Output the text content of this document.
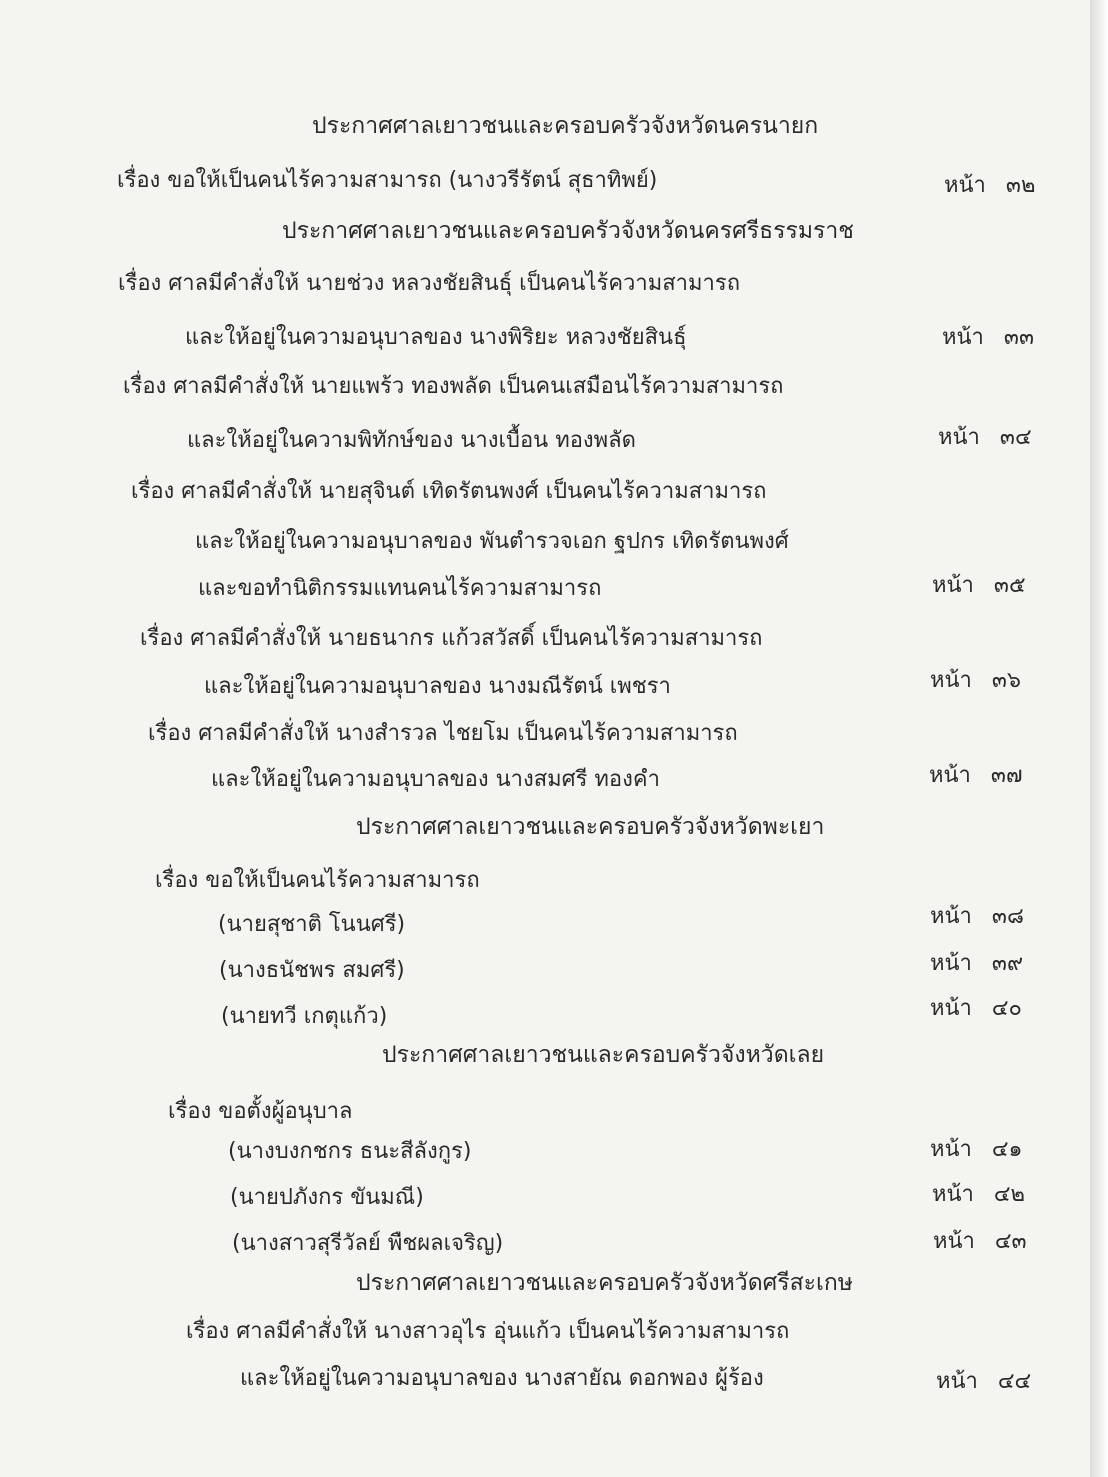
ประกาศศาลเยาวชนและครอบครัวจังหวัดนครนายก
ประกาศศาลเยาวชนและครอบครัวจังหวัดนครศรีธรรมราช
ประกาศศาลเยาวชนและครอบครัวจังหวัดพะเยา
ประกาศศาลเยาวชนและครอบครัวจังหวัดเลย
ประกาศศาลเยาวชนและครอบครัวจังหวัดศรีสะเกษ
เรื่อง ขอให้เป็นคนไร้ความสามารถ (นางวรีรัตน์ สุธาทิพย์)
เรื่อง ศาลมีคำสั่งให้ นายช่วง หลวงชัยสินธุ์ เป็นคนไร้ความสามารถ
และให้อยู่ในความอนุบาลของ นางพิริยะ หลวงชัยสินธุ์
เรื่อง ศาลมีคำสั่งให้ นายแพร้ว ทองพลัด เป็นคนเสมือนไร้ความสามารถ
และให้อยู่ในความพิทักษ์ของ นางเบื้อน ทองพลัด
เรื่อง ศาลมีคำสั่งให้ นายสุจินต์ เทิดรัตนพงศ์ เป็นคนไร้ความสามารถ
และให้อยู่ในความอนุบาลของ พันตำรวจเอก ฐปกร เทิดรัตนพงศ์
และขอทำนิติกรรมแทนคนไร้ความสามารถ
เรื่อง ศาลมีคำสั่งให้ นายธนากร แก้วสวัสดิ์ เป็นคนไร้ความสามารถ
และให้อยู่ในความอนุบาลของ นางมณีรัตน์ เพชรา
เรื่อง ศาลมีคำสั่งให้ นางสำรวล ไชยโม เป็นคนไร้ความสามารถ
และให้อยู่ในความอนุบาลของ นางสมศรี ทองคำ
เรื่อง ขอให้เป็นคนไร้ความสามารถ
(นายสุชาติ โนนศรี)
(นางธนัชพร สมศรี)
(นายทวี เกตุแก้ว)
เรื่อง ขอตั้งผู้อนุบาล
(นางบงกชกร ธนะสีลังกูร)
(นายปภังกร ขันมณี)
(นางสาวสุรีวัลย์ พืชผลเจริญ)
เรื่อง ศาลมีคำสั่งให้ นางสาวอุไร อุ่นแก้ว เป็นคนไร้ความสามารถ
และให้อยู่ในความอนุบาลของ นางสายัณ ดอกพอง ผู้ร้อง
หน้า ๓๒
หน้า ๓๓
หน้า ๓๔
หน้า ๓๕
หน้า ๓๖
หน้า ๓๗
หน้า ๓๘
หน้า ๓๙
หน้า ๔๐
หน้า ๔๑
หน้า ๔๒
หน้า ๔๓
หน้า ๔๔
